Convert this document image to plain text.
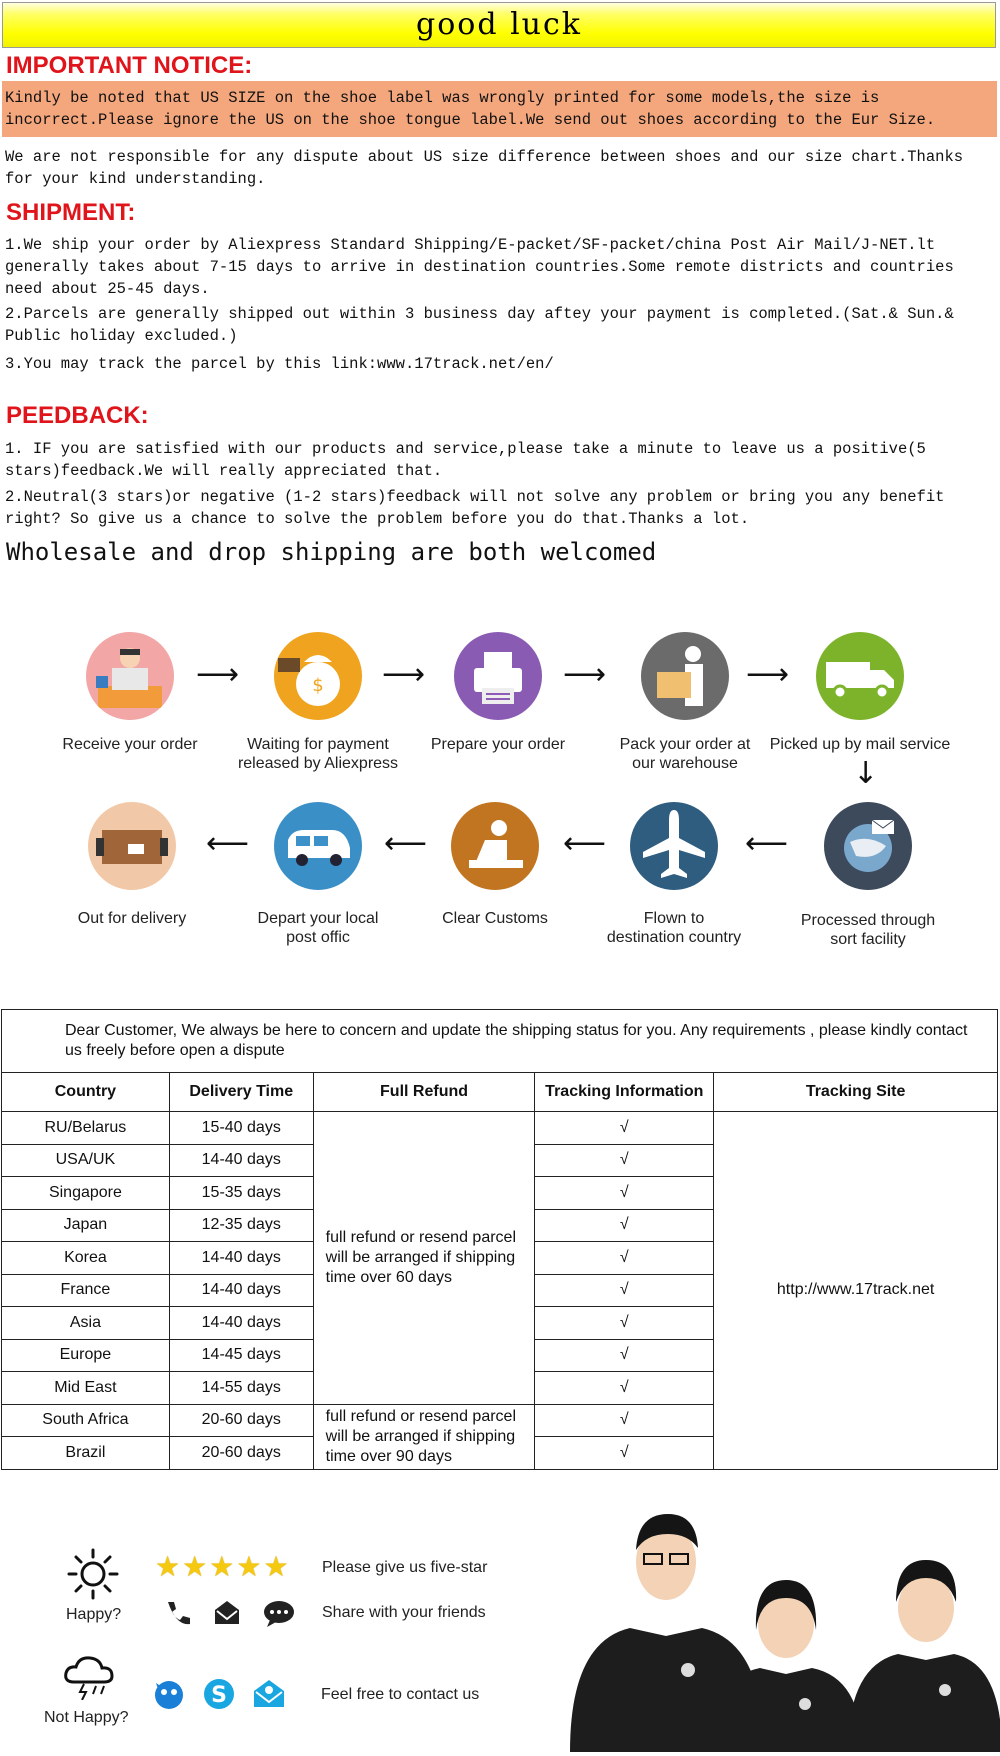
good luck
IMPORTANT NOTICE:
Kindly be noted that US SIZE on the shoe label was wrongly printed for some models,the size is
incorrect.Please ignore the US on the shoe tongue label.We send out shoes according to the Eur Size.
We are not responsible for any dispute about US size difference between shoes and our size chart.Thanks
for your kind understanding.
SHIPMENT:
1.We ship your order by Aliexpress Standard Shipping/E-packet/SF-packet/china Post Air Mail/J-NET.lt
generally takes about 7-15 days to arrive in destination countries.Some remote districts and countries
need about 25-45 days.
2.Parcels are generally shipped out within 3 business day aftey your payment is completed.(Sat.& Sun.&
Public holiday excluded.)
3.You may track the parcel by this link:www.17track.net/en/
PEEDBACK:
1. IF you are satisfied with our products and service,please take a minute to leave us a positive(5
stars)feedback.We will really appreciated that.
2.Neutral(3 stars)or negative (1-2 stars)feedback will not solve any problem or bring you any benefit
right? So give us a chance to solve the problem before you do that.Thanks a lot.
Wholesale and drop shipping are both welcomed
Receive your order
⟶	$
Waiting for payment
released by Aliexpress
⟶
Prepare your order
⟶
Pack your order at
our warehouse
⟶
Picked up by mail service
↓
Out for delivery
⟵
Depart your local
post offic
⟵
Clear Customs
⟵
Flown to
destination country
⟵
Processed through
sort facility
Dear Customer, We always be here to concern and update the shipping status for you. Any requirements , please kindly contact us freely before open a dispute				
Country	Delivery Time	Full Refund	Tracking Information	Tracking Site
RU/Belarus	15-40 days	full refund or resend parcel
will be arranged if shipping
time over 60 days	√	http://www.17track.net
USA/UK	14-40 days		√	
Singapore	15-35 days		√	
Japan	12-35 days		√	
Korea	14-40 days		√	
France	14-40 days		√	
Asia	14-40 days		√	
Europe	14-45 days		√	
Mid East	14-55 days		√	
South Africa	20-60 days	full refund or resend parcel
will be arranged if shipping
time over 90 days	√	
Brazil	20-60 days		√	
Happy?
★ ★ ★ ★ ★ Please give us five-star
Share with your friends
Not Happy?
S	Feel free to contact us
